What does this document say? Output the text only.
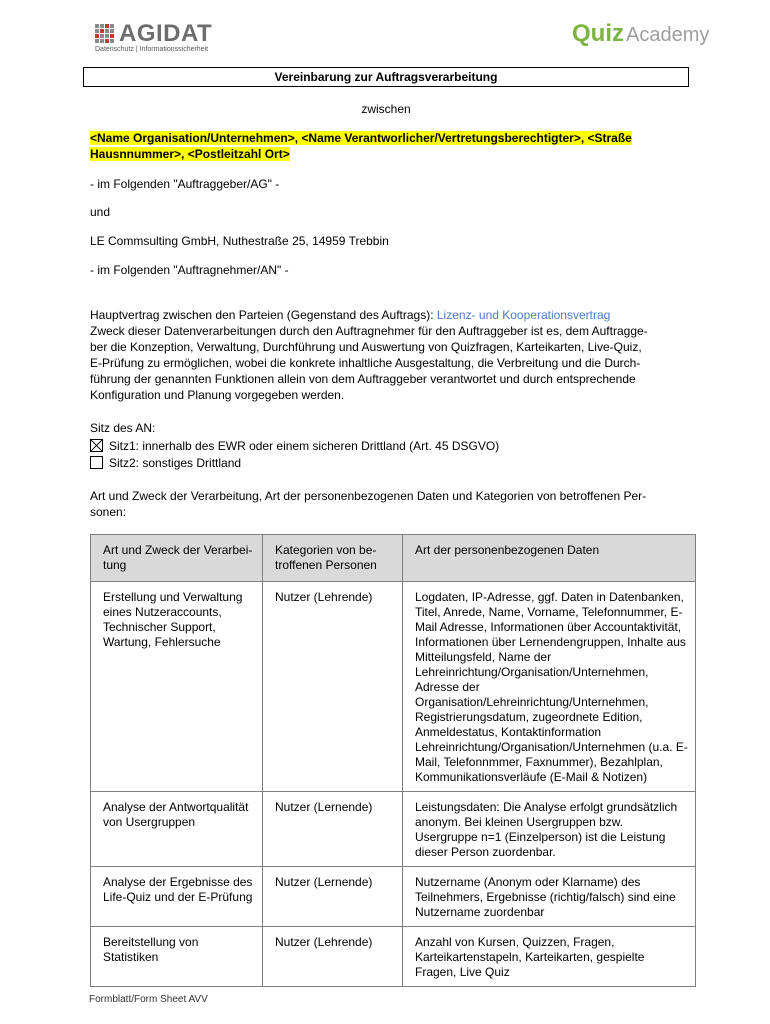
AGIDAT
Datenschutz | Informationssicherheit
Quiz Academy
Vereinbarung zur Auftragsverarbeitung
zwischen
<Name Organisation/Unternehmen>, <Name Verantworlicher/Vertretungsberechtigter>, <Straße Hausnnummer>, <Postleitzahl Ort>
- im Folgenden "Auftraggeber/AG" -
und
LE Commsulting GmbH, Nuthestraße 25, 14959 Trebbin
- im Folgenden "Auftragnehmer/AN" -
Hauptvertrag zwischen den Parteien (Gegenstand des Auftrags): Lizenz- und Kooperationsvertrag
Zweck dieser Datenverarbeitungen durch den Auftragnehmer für den Auftraggeber ist es, dem Auftragge-
ber die Konzeption, Verwaltung, Durchführung und Auswertung von Quizfragen, Karteikarten, Live-Quiz,
E-Prüfung zu ermöglichen, wobei die konkrete inhaltliche Ausgestaltung, die Verbreitung und die Durch-
führung der genannten Funktionen allein von dem Auftraggeber verantwortet und durch entsprechende
Konfiguration und Planung vorgegeben werden.
Sitz des AN:
Sitz1: innerhalb des EWR oder einem sicheren Drittland (Art. 45 DSGVO)
Sitz2: sonstiges Drittland
Art und Zweck der Verarbeitung, Art der personenbezogenen Daten und Kategorien von betroffenen Per-
sonen:
Art und Zweck der Verarbei-
tung	Kategorien von be-
troffenen Personen	Art der personenbezogenen Daten
Erstellung und Verwaltung eines Nutzeraccounts, Technischer Support, Wartung, Fehlersuche	Nutzer (Lehrende)	Logdaten, IP-Adresse, ggf. Daten in Datenbanken, Titel, Anrede, Name, Vorname, Telefonnummer, E-Mail Adresse, Informationen über Accountaktivität, Informationen über Lernendengruppen, Inhalte aus Mitteilungsfeld, Name der Lehreinrichtung/Organisation/Unternehmen, Adresse der Organisation/Lehreinrichtung/Unternehmen, Registrierungsdatum, zugeordnete Edition, Anmeldestatus, Kontaktinformation Lehreinrichtung/Organisation/Unternehmen (u.a. E-Mail, Telefonnmmer, Faxnummer), Bezahlplan, Kommunikationsverläufe (E-Mail & Notizen)
Analyse der Antwortqualität von Usergruppen	Nutzer (Lernende)	Leistungsdaten: Die Analyse erfolgt grundsätzlich anonym. Bei kleinen Usergruppen bzw. Usergruppe n=1 (Einzelperson) ist die Leistung dieser Person zuordenbar.
Analyse der Ergebnisse des Life-Quiz und der E-Prüfung	Nutzer (Lernende)	Nutzername (Anonym oder Klarname) des Teilnehmers, Ergebnisse (richtig/falsch) sind eine Nutzername zuordenbar
Bereitstellung von Statistiken	Nutzer (Lehrende)	Anzahl von Kursen, Quizzen, Fragen, Karteikartenstapeln, Karteikarten, gespielte Fragen, Live Quiz
Formblatt/Form Sheet AVV
